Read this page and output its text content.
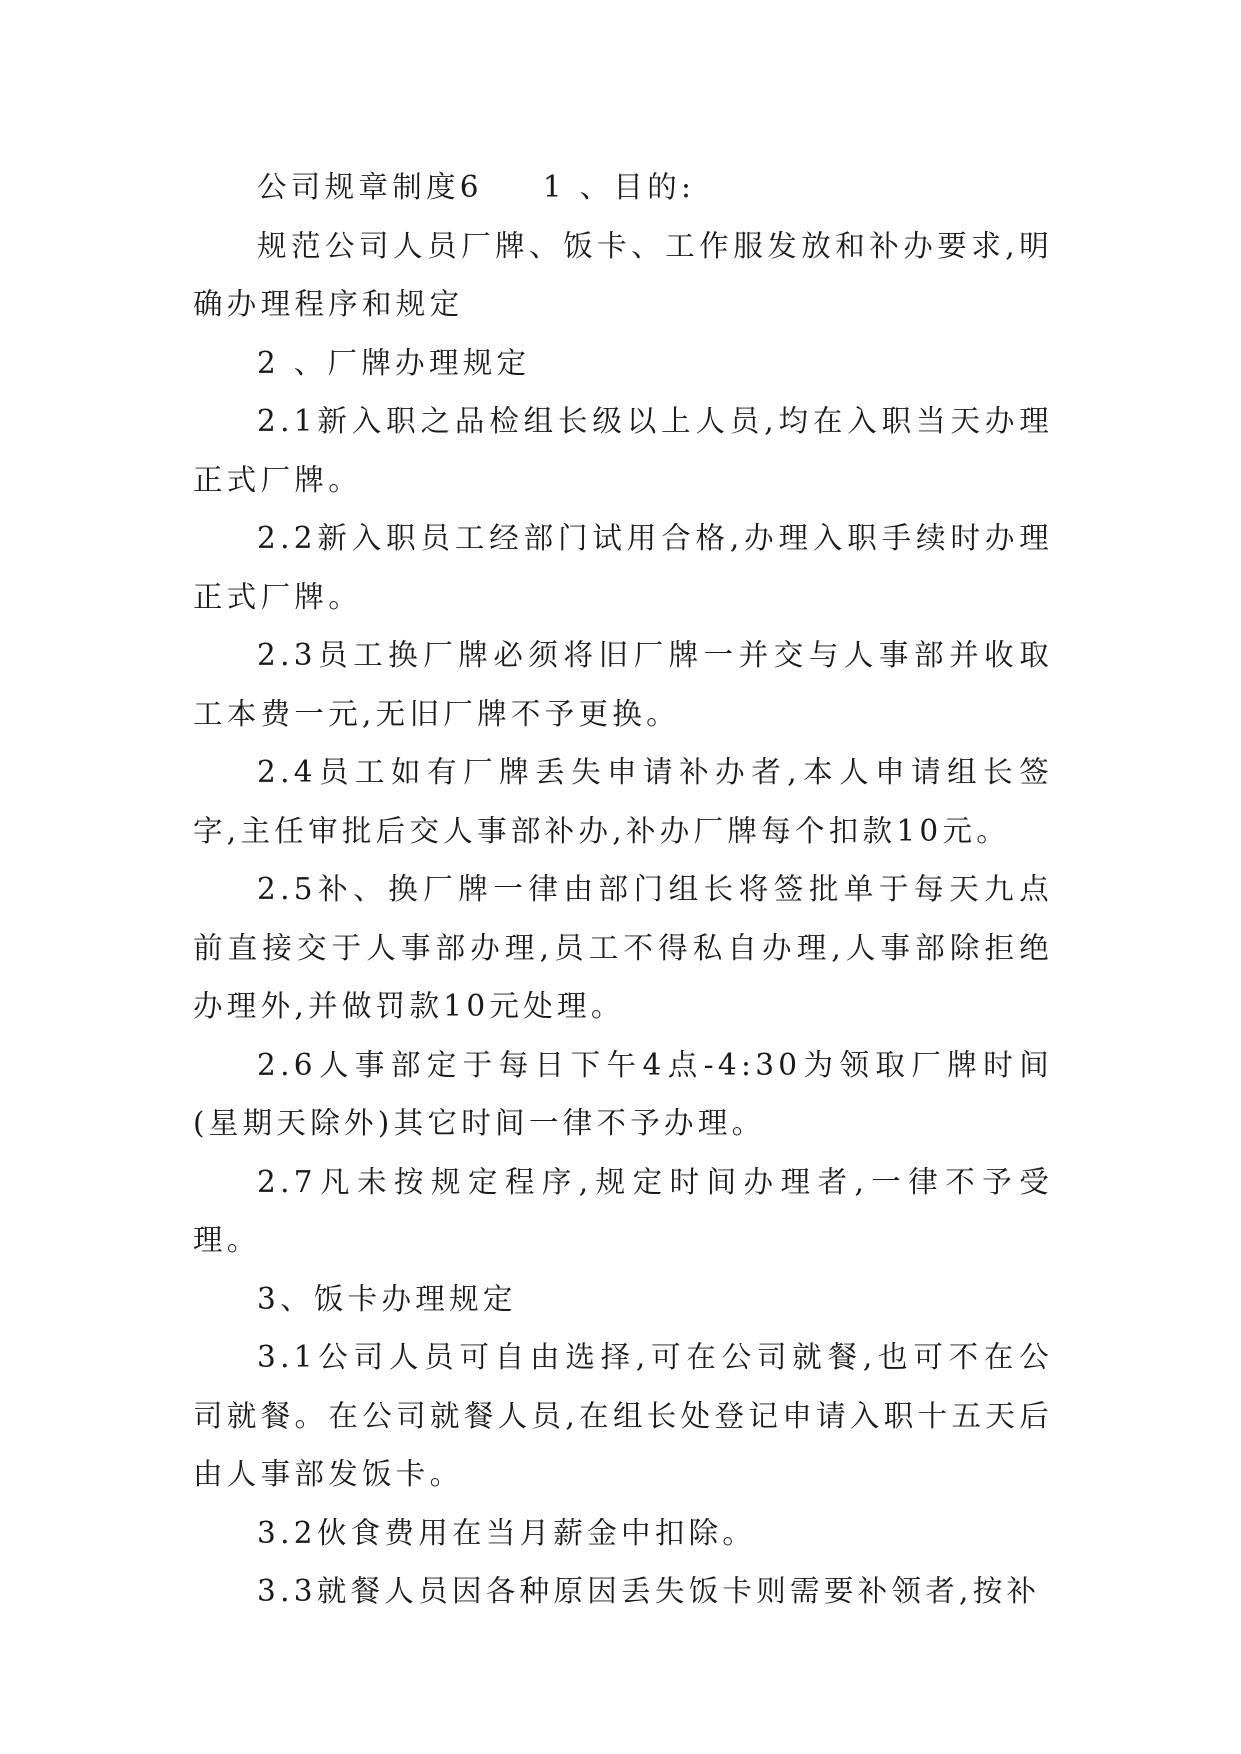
公司规章制度6 1 、目的:

规范公司人员厂牌、饭卡、工作服发放和补办要求,明确办理程序和规定

2 、厂牌办理规定

2.1新入职之品检组长级以上人员,均在入职当天办理正式厂牌。

2.2新入职员工经部门试用合格,办理入职手续时办理正式厂牌。

2.3员工换厂牌必须将旧厂牌一并交与人事部并收取工本费一元,无旧厂牌不予更换。

2.4员工如有厂牌丢失申请补办者,本人申请组长签字,主任审批后交人事部补办,补办厂牌每个扣款10元。

2.5补、换厂牌一律由部门组长将签批单于每天九点前直接交于人事部办理,员工不得私自办理,人事部除拒绝办理外,并做罚款10元处理。

2.6人事部定于每日下午4点-4:30为领取厂牌时间(星期天除外)其它时间一律不予办理。

2.7凡未按规定程序,规定时间办理者,一律不予受理。

3、饭卡办理规定

3.1公司人员可自由选择,可在公司就餐,也可不在公司就餐。在公司就餐人员,在组长处登记申请入职十五天后由人事部发饭卡。

3.2伙食费用在当月薪金中扣除。

3.3就餐人员因各种原因丢失饭卡则需要补领者,按补
